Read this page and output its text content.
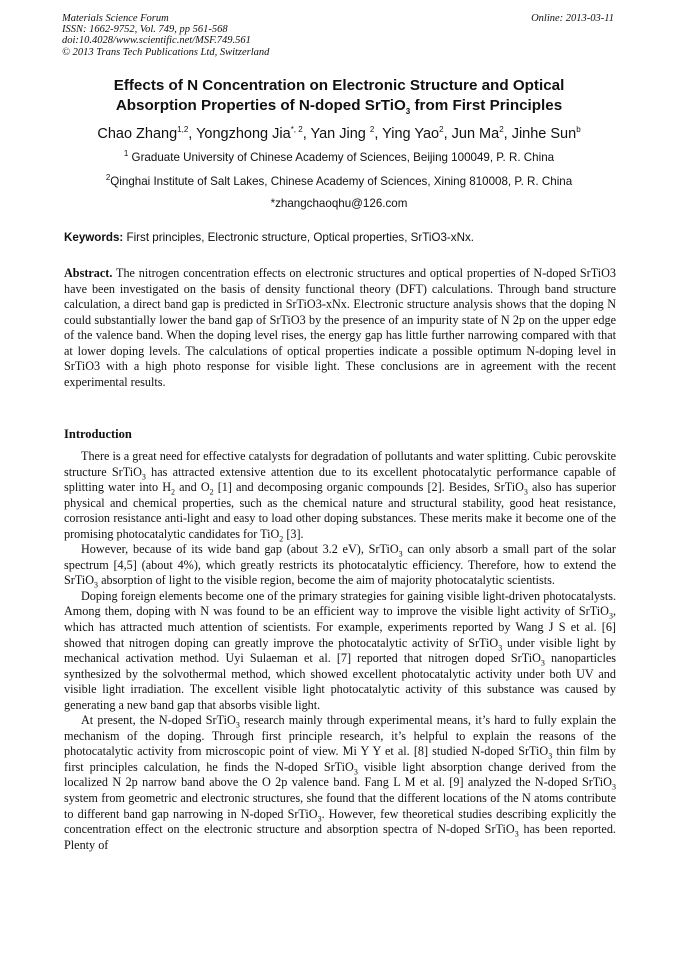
Materials Science Forum
ISSN: 1662-9752, Vol. 749, pp 561-568
doi:10.4028/www.scientific.net/MSF.749.561
© 2013 Trans Tech Publications Ltd, Switzerland
Online: 2013-03-11
Effects of N Concentration on Electronic Structure and Optical
Absorption Properties of N-doped SrTiO$_3$ from First Principles
Chao Zhang$^{1,2}$, Yongzhong Jia$^{*, 2}$, Yan Jing $^2$, Ying Yao$^2$, Jun Ma$^2$, Jinhe Sun$^b$
$^1$ Graduate University of Chinese Academy of Sciences, Beijing 100049, P. R. China
$^2$Qinghai Institute of Salt Lakes, Chinese Academy of Sciences, Xining 810008, P. R. China
*zhangchaoqhu@126.com
Keywords: First principles, Electronic structure, Optical properties, SrTiO3-xNx.
Abstract. The nitrogen concentration effects on electronic structures and optical properties of N-doped SrTiO3 have been investigated on the basis of density functional theory (DFT) calculations. Through band structure calculation, a direct band gap is predicted in SrTiO3-xNx. Electronic structure analysis shows that the doping N could substantially lower the band gap of SrTiO3 by the presence of an impurity state of N 2p on the upper edge of the valence band. When the doping level rises, the energy gap has little further narrowing compared with that at lower doping levels. The calculations of optical properties indicate a possible optimum N-doping level in SrTiO3 with a high photo response for visible light. These conclusions are in agreement with the recent experimental results.
Introduction

There is a great need for effective catalysts for degradation of pollutants and water splitting. Cubic perovskite structure SrTiO$_3$ has attracted extensive attention due to its excellent photocatalytic performance capable of splitting water into $H_2$ and $O_2$ [1] and decomposing organic compounds [2]. Besides, SrTiO$_3$ also has superior physical and chemical properties, such as the chemical nature and structural stability, good heat resistance, corrosion resistance anti-light and easy to load other doping substances. These merits make it become one of the promising photocatalytic candidates for TiO$_2$ [3].

However, because of its wide band gap (about 3.2 eV), SrTiO$_3$ can only absorb a small part of the solar spectrum [4,5] (about 4%), which greatly restricts its photocatalytic efficiency. Therefore, how to extend the SrTiO$_3$ absorption of light to the visible region, become the aim of majority photocatalytic scientists.

Doping foreign elements become one of the primary strategies for gaining visible light-driven photocatalysts. Among them, doping with N was found to be an efficient way to improve the visible light activity of SrTiO$_3$, which has attracted much attention of scientists. For example, experiments reported by Wang J S et al. [6] showed that nitrogen doping can greatly improve the photocatalytic activity of SrTiO$_3$ under visible light by mechanical activation method. Uyi Sulaeman et al. [7] reported that nitrogen doped SrTiO$_3$ nanoparticles synthesized by the solvothermal method, which showed excellent photocatalytic activity under both UV and visible light irradiation. The excellent visible light photocatalytic activity of this substance was caused by generating a new band gap that absorbs visible light.

At present, the N-doped SrTiO$_3$ research mainly through experimental means, it’s hard to fully explain the mechanism of the doping. Through first principle research, it’s helpful to explain the reasons of the photocatalytic activity from microscopic point of view. Mi Y Y et al. [8] studied N-doped SrTiO$_3$ thin film by first principles calculation, he finds the N-doped SrTiO$_3$ visible light absorption change derived from the localized N 2p narrow band above the O 2p valence band. Fang L M et al. [9] analyzed the N-doped SrTiO$_3$ system from geometric and electronic structures, she found that the different locations of the N atoms contribute to different band gap narrowing in N-doped SrTiO$_3$. However, few theoretical studies describing explicitly the concentration effect on the electronic structure and absorption spectra of N-doped SrTiO$_3$ has been reported. Plenty of
